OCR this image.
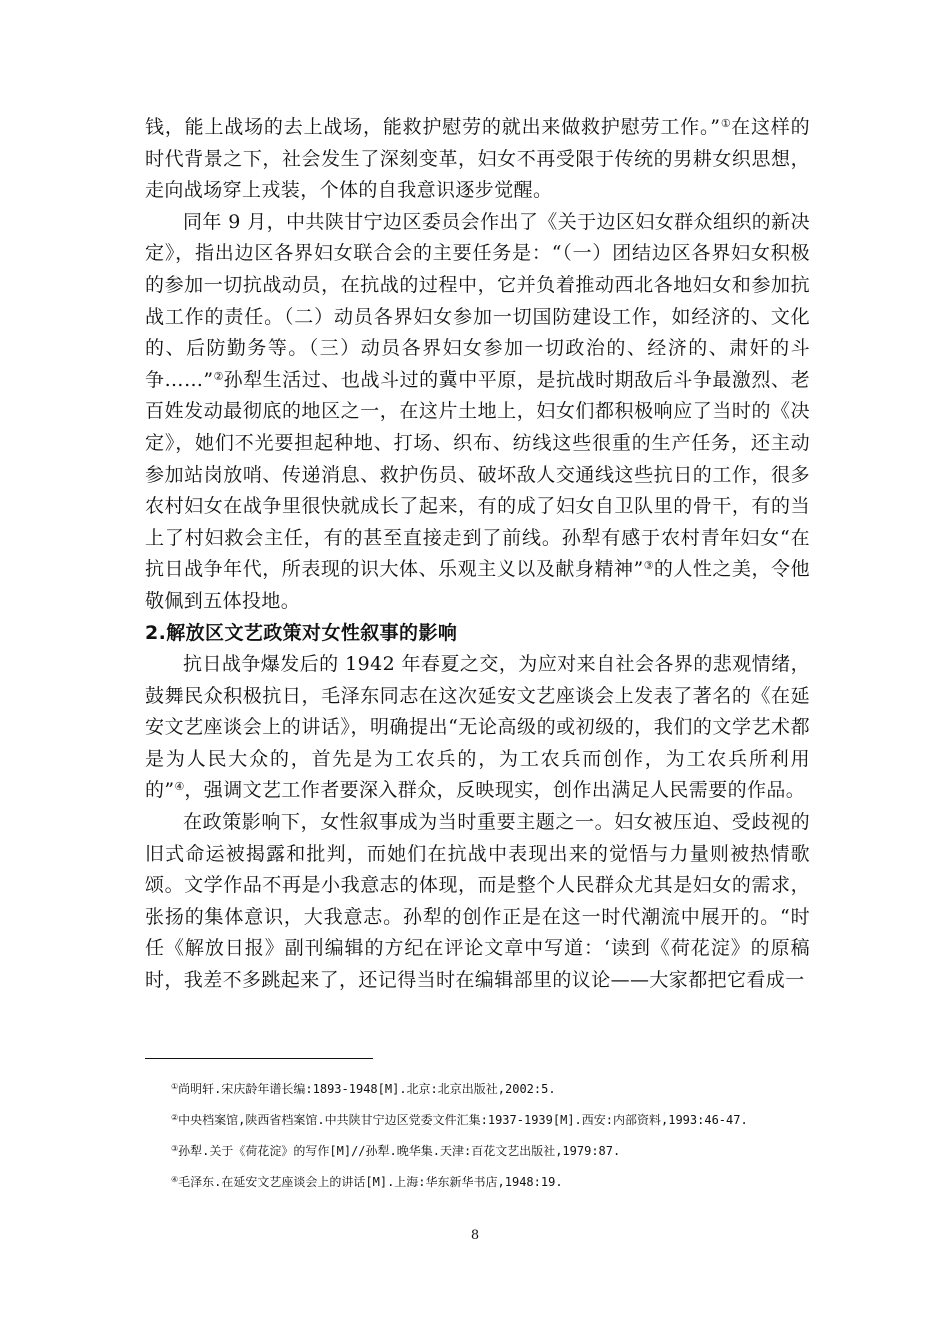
钱，能上战场的去上战场，能救护慰劳的就出来做救护慰劳工作。”①在这样的时代背景之下，社会发生了深刻变革，妇女不再受限于传统的男耕女织思想，走向战场穿上戎装，个体的自我意识逐步觉醒。

同年 9 月，中共陕甘宁边区委员会作出了《关于边区妇女群众组织的新决定》，指出边区各界妇女联合会的主要任务是：“（一）团结边区各界妇女积极的参加一切抗战动员，在抗战的过程中，它并负着推动西北各地妇女和参加抗战工作的责任。（二）动员各界妇女参加一切国防建设工作，如经济的、文化的、后防勤务等。（三）动员各界妇女参加一切政治的、经济的、肃奸的斗争……”②孙犁生活过、也战斗过的冀中平原，是抗战时期敌后斗争最激烈、老百姓发动最彻底的地区之一，在这片土地上，妇女们都积极响应了当时的《决定》，她们不光要担起种地、打场、织布、纺线这些很重的生产任务，还主动参加站岗放哨、传递消息、救护伤员、破坏敌人交通线这些抗日的工作，很多农村妇女在战争里很快就成长了起来，有的成了妇女自卫队里的骨干，有的当上了村妇救会主任，有的甚至直接走到了前线。孙犁有感于农村青年妇女“在抗日战争年代，所表现的识大体、乐观主义以及献身精神”③的人性之美，令他敬佩到五体投地。

2.解放区文艺政策对女性叙事的影响

抗日战争爆发后的 1942 年春夏之交，为应对来自社会各界的悲观情绪，鼓舞民众积极抗日，毛泽东同志在这次延安文艺座谈会上发表了著名的《在延安文艺座谈会上的讲话》，明确提出“无论高级的或初级的，我们的文学艺术都是为人民大众的，首先是为工农兵的，为工农兵而创作，为工农兵所利用的”④，强调文艺工作者要深入群众，反映现实，创作出满足人民需要的作品。

在政策影响下，女性叙事成为当时重要主题之一。妇女被压迫、受歧视的旧式命运被揭露和批判，而她们在抗战中表现出来的觉悟与力量则被热情歌颂。文学作品不再是小我意志的体现，而是整个人民群众尤其是妇女的需求，张扬的集体意识，大我意志。孙犁的创作正是在这一时代潮流中展开的。“时任《解放日报》副刊编辑的方纪在评论文章中写道：‘读到《荷花淀》的原稿时，我差不多跳起来了，还记得当时在编辑部里的议论——大家都把它看成一

①尚明轩.宋庆龄年谱长编:1893-1948[M].北京:北京出版社,2002:5.

②中央档案馆,陕西省档案馆.中共陕甘宁边区党委文件汇集:1937-1939[M].西安:内部资料,1993:46-47.

③孙犁.关于《荷花淀》的写作[M]//孙犁.晚华集.天津:百花文艺出版社,1979:87.

④毛泽东.在延安文艺座谈会上的讲话[M].上海:华东新华书店,1948:19.

8
